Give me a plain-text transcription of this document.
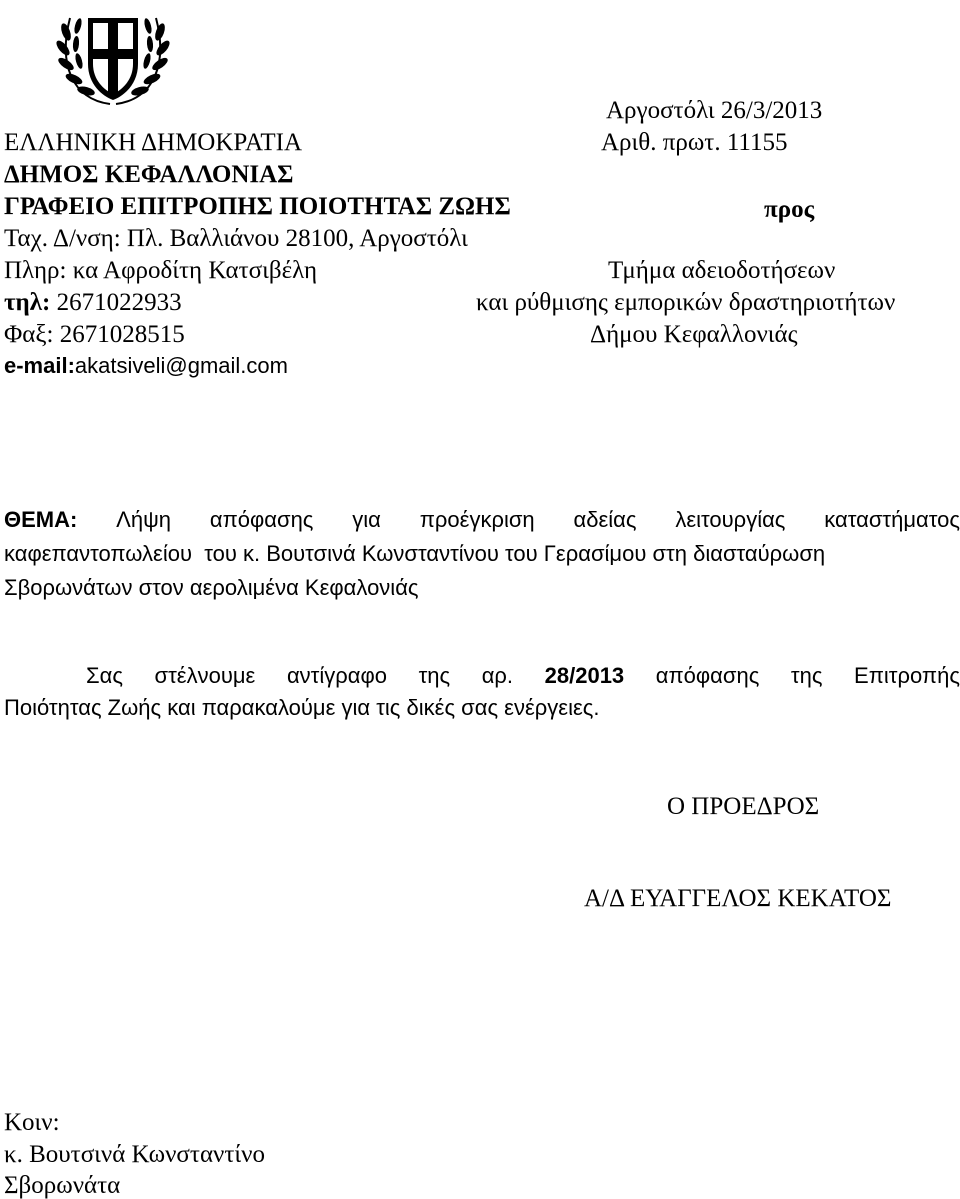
Αργοστόλι 26/3/2013
ΕΛΛΗΝΙΚΗ ΔΗΜΟΚΡΑΤΙΑ	Αριθ. πρωτ. 11155
ΔΗΜΟΣ ΚΕΦΑΛΛΟΝΙΑΣ
ΓΡΑΦΕΙΟ ΕΠΙΤΡΟΠΗΣ ΠΟΙΟΤΗΤΑΣ ΖΩΗΣ	προς
Ταχ. Δ/νση: Πλ. Βαλλιάνου 28100, Αργοστόλι
Πληρ: κα Αφροδίτη Κατσιβέλη	Τμήμα αδειοδοτήσεων
τηλ: 2671022933	και ρύθμισης εμπορικών δραστηριοτήτων
Φαξ: 2671028515	Δήμου Κεφαλλονιάς
e-mail:akatsiveli@gmail.com
ΘΕΜΑ: Λήψη απόφασης για προέγκριση αδείας λειτουργίας καταστήματος
καφεπαντοπωλείου  του κ. Βουτσινά Κωνσταντίνου του Γερασίμου στη διασταύρωση
Σβορωνάτων στον αερολιμένα Κεφαλονιάς
Σας στέλνουμε αντίγραφο της αρ. 28/2013 απόφασης της Επιτροπής
Ποιότητας Ζωής και παρακαλούμε για τις δικές σας ενέργειες.
Ο ΠΡΟΕΔΡΟΣ
Α/Δ ΕΥΑΓΓΕΛΟΣ ΚΕΚΑΤΟΣ
Κοιν:
κ. Βουτσινά Κωνσταντίνο
Σβορωνάτα
